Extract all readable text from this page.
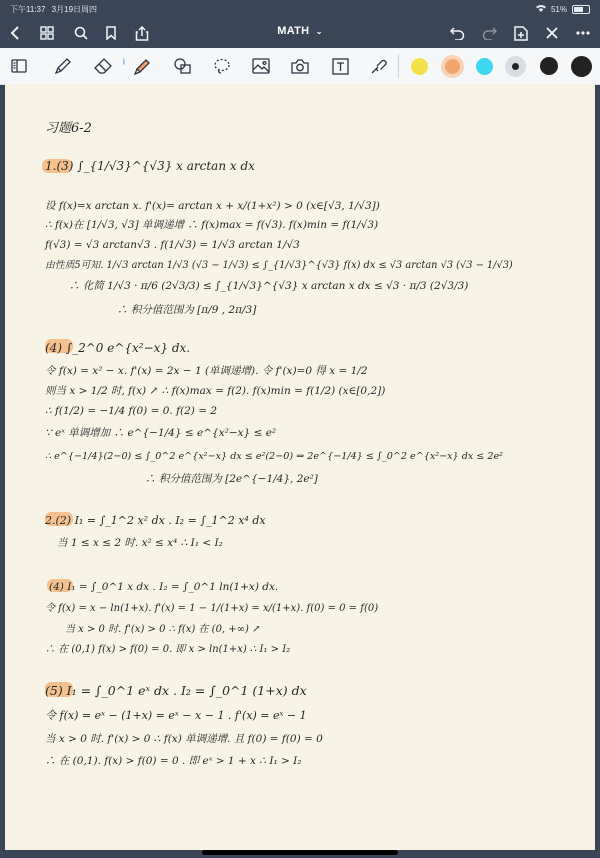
下午11:37 3月19日周四	51%
MATH ⌄
ᛒ
习题6-2
1.(3) ∫_{1/√3}^{√3} x arctan x dx
设 f(x)=x arctan x. f'(x)= arctan x + x/(1+x²) > 0 (x∈[√3, 1/√3])
∴ f(x)在 [1/√3, √3] 单调递增 ∴ f(x)max = f(√3). f(x)min = f(1/√3)
f(√3) = √3 arctan√3 . f(1/√3) = 1/√3 arctan 1/√3
由性质5可知. 1/√3 arctan 1/√3 (√3 − 1/√3) ≤ ∫_{1/√3}^{√3} f(x) dx ≤ √3 arctan √3 (√3 − 1/√3)
∴ 化简 1/√3 · π/6 (2√3/3) ≤ ∫_{1/√3}^{√3} x arctan x dx ≤ √3 · π/3 (2√3/3)
∴ 积分值范围为 [π/9 , 2π/3]
(4) ∫_2^0 e^{x²−x} dx.
令 f(x) = x² − x. f'(x) = 2x − 1 (单调递增). 令 f'(x)=0 得 x = 1/2
则当 x > 1/2 时, f(x) ↗ ∴ f(x)max = f(2). f(x)min = f(1/2) (x∈[0,2])
∴ f(1/2) = −1/4 f(0) = 0. f(2) = 2
∵ eˣ 单调增加 ∴ e^{−1/4} ≤ e^{x²−x} ≤ e²
∴ e^{−1/4}(2−0) ≤ ∫_0^2 e^{x²−x} dx ≤ e²(2−0) ⇒ 2e^{−1/4} ≤ ∫_0^2 e^{x²−x} dx ≤ 2e²
∴ 积分值范围为 [2e^{−1/4}, 2e²]
2.(2) I₁ = ∫_1^2 x² dx . I₂ = ∫_1^2 x⁴ dx
当 1 ≤ x ≤ 2 时. x² ≤ x⁴ ∴ I₁ < I₂
(4) I₁ = ∫_0^1 x dx . I₂ = ∫_0^1 ln(1+x) dx.
令 f(x) = x − ln(1+x). f'(x) = 1 − 1/(1+x) = x/(1+x). f(0) = 0 = f(0)
当 x > 0 时. f'(x) > 0 ∴ f(x) 在 (0, +∞) ↗
∴ 在 (0,1) f(x) > f(0) = 0. 即 x > ln(1+x) ∴ I₁ > I₂
(5) I₁ = ∫_0^1 eˣ dx . I₂ = ∫_0^1 (1+x) dx
令 f(x) = eˣ − (1+x) = eˣ − x − 1 . f'(x) = eˣ − 1
当 x > 0 时. f'(x) > 0 ∴ f(x) 单调递增. 且 f(0) = f(0) = 0
∴ 在 (0,1). f(x) > f(0) = 0 . 即 eˣ > 1 + x ∴ I₁ > I₂
